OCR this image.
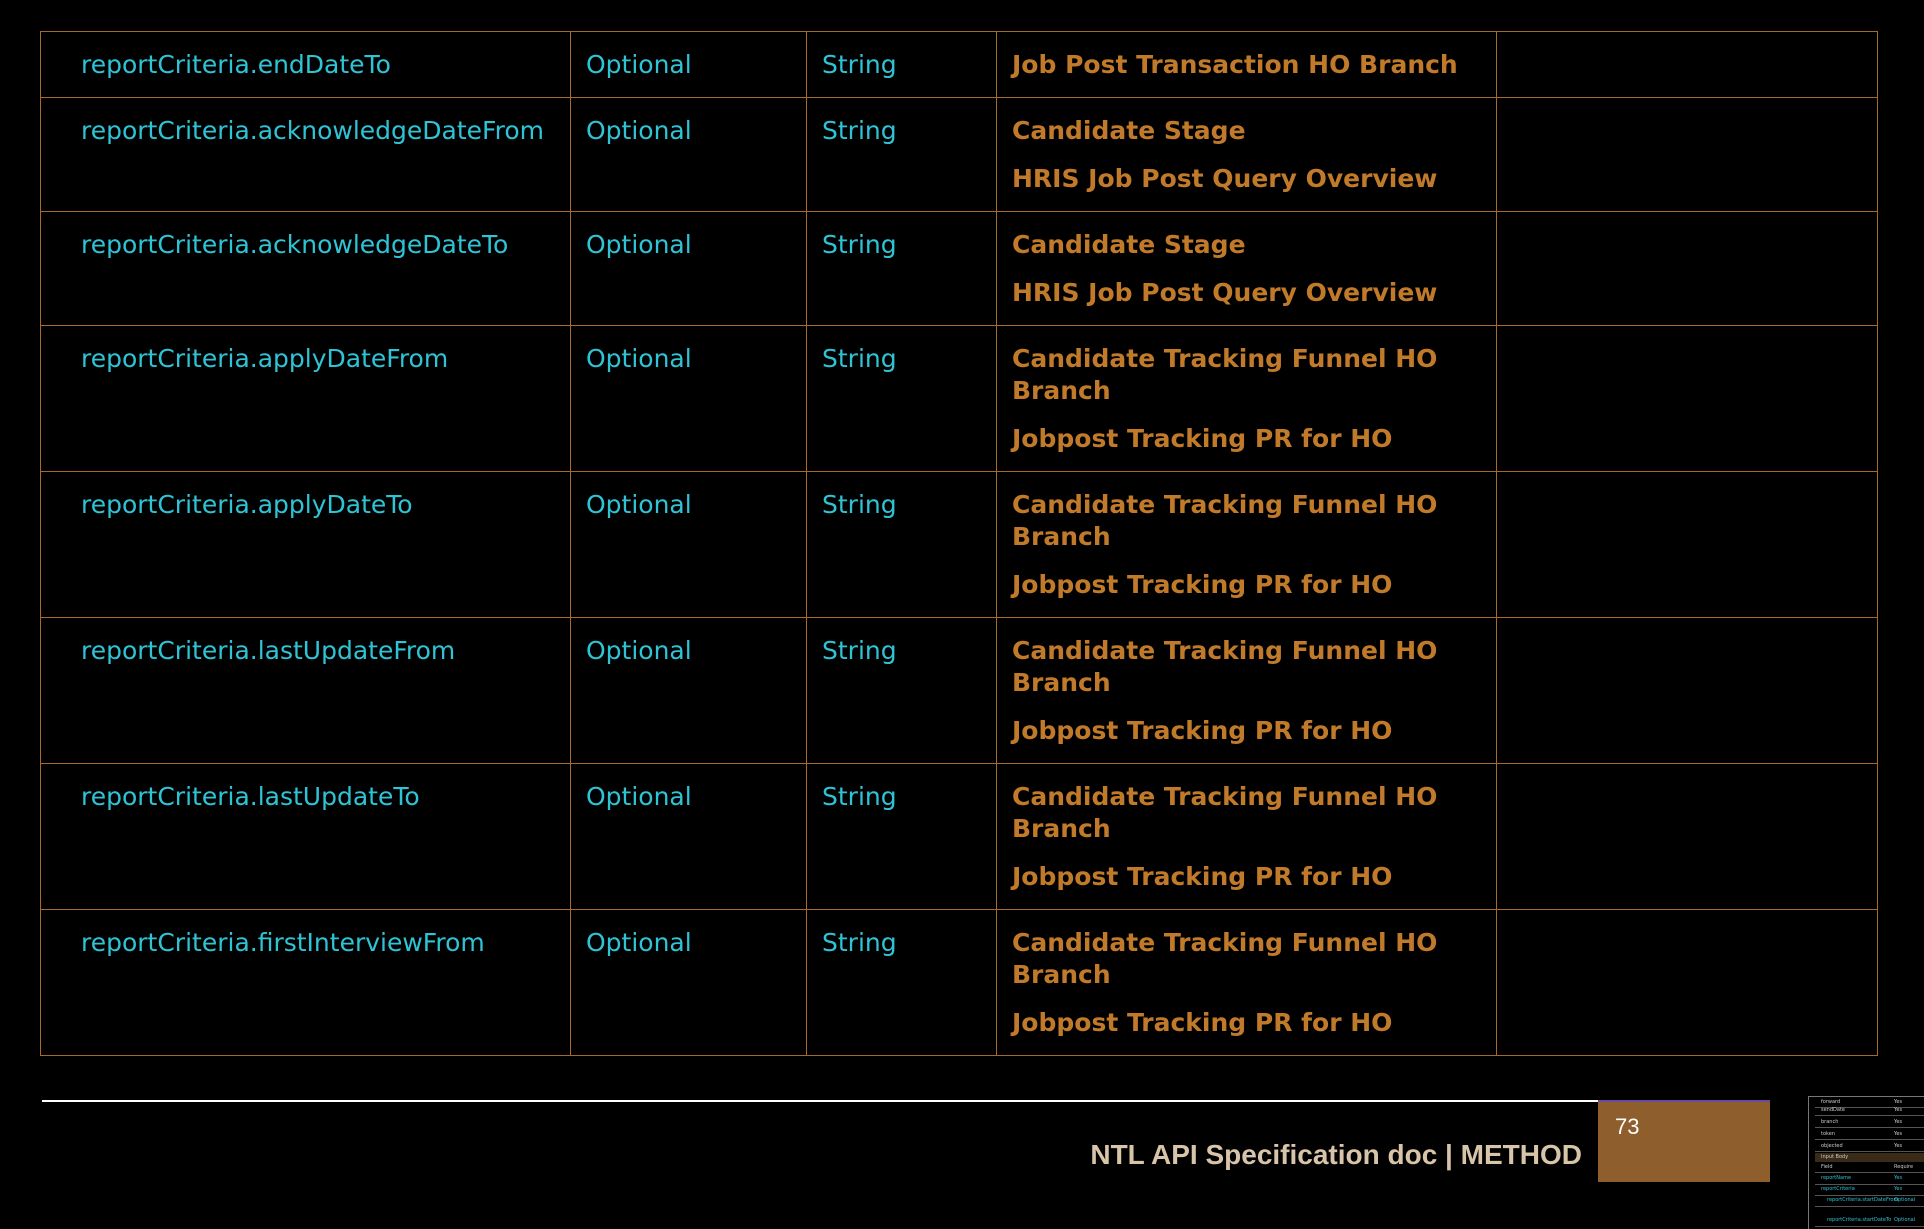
reportCriteria.endDateTo	Optional	String	Job Post Transaction HO Branch	

reportCriteria.acknowledgeDateFrom	Optional	String	Candidate Stage
HRIS Job Post Query Overview	

reportCriteria.acknowledgeDateTo	Optional	String	Candidate Stage
HRIS Job Post Query Overview	

reportCriteria.applyDateFrom	Optional	String	Candidate Tracking Funnel HO Branch
Jobpost Tracking PR for HO	

reportCriteria.applyDateTo	Optional	String	Candidate Tracking Funnel HO Branch
Jobpost Tracking PR for HO	

reportCriteria.lastUpdateFrom	Optional	String	Candidate Tracking Funnel HO Branch
Jobpost Tracking PR for HO	

reportCriteria.lastUpdateTo	Optional	String	Candidate Tracking Funnel HO Branch
Jobpost Tracking PR for HO	

reportCriteria.firstInterviewFrom	Optional	String	Candidate Tracking Funnel HO Branch
Jobpost Tracking PR for HO	

NTL API Specification doc | METHOD
73
forward	Yes
sendDate	Yes
branch	Yes
token	Yes
objected	Yes
Input Body
Field	Require
reportName	Yes
reportCriteria	Yes
reportCriteria.startDateFrom
Optional
reportCriteria.startDateTo Optional
